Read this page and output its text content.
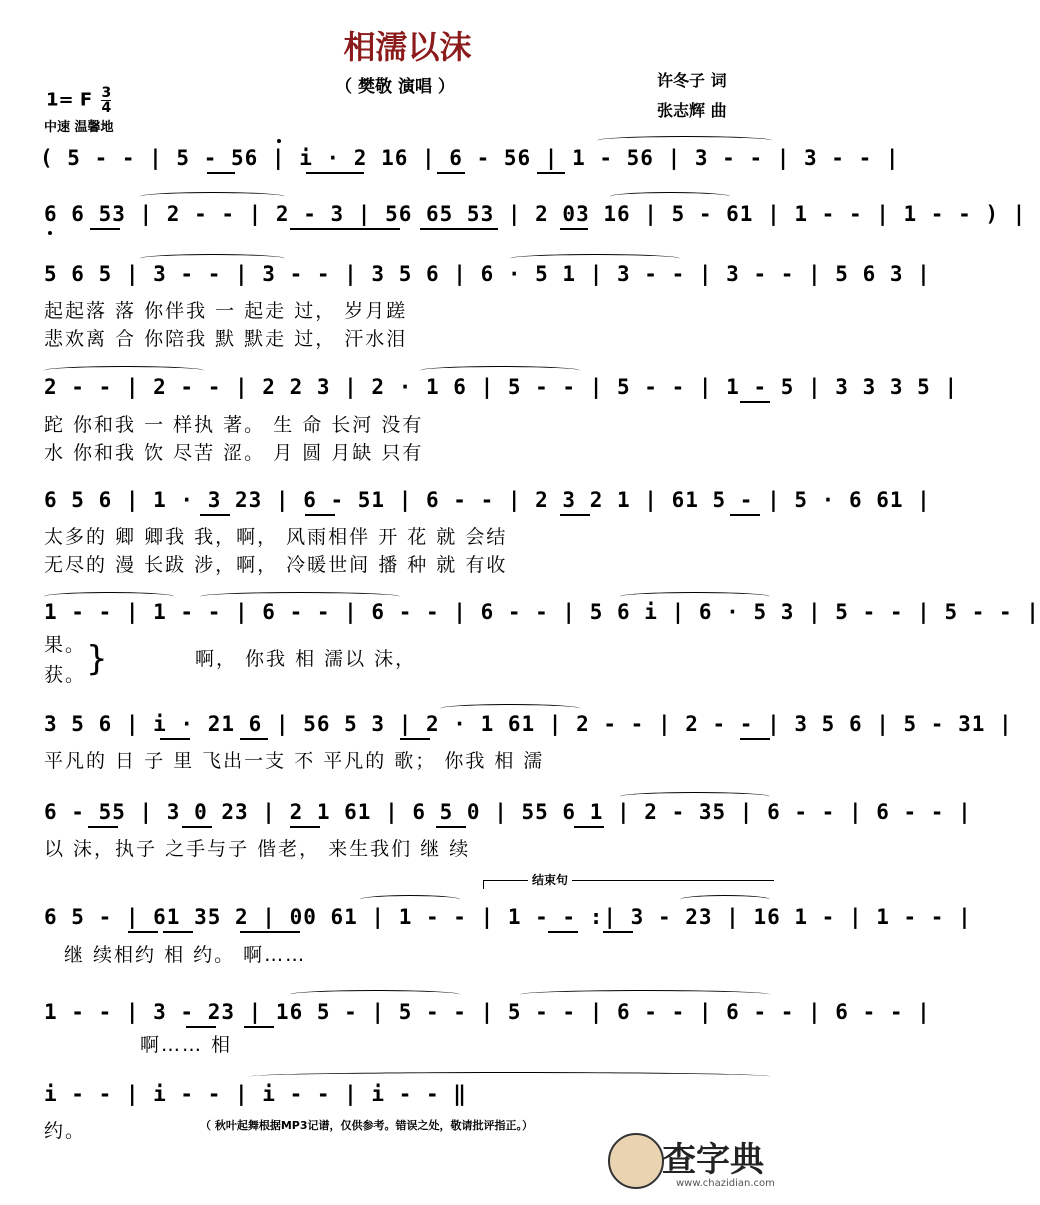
相濡以沫
（ 樊敬 演唱 ）	许冬子 词
张志辉 曲
1= F $\frac{3}{4}$
中速 温馨地
( 5 - - | 5 - 56 | i · 2 16 | 6 - 56 | 1 - 56 | 3 - - | 3 - - |
6 6 53 | 2 - - | 2 - 3 | 56 65 53 | 2 03 16 | 5 - 61 | 1 - - | 1 - - ) |
5 6 5 | 3 - - | 3 - - | 3 5 6 | 6 · 5 1 | 3 - - | 3 - - | 5 6 3 |
起起落 落 你伴我 一 起走 过， 岁月蹉
悲欢离 合 你陪我 默 默走 过， 汗水泪
2 - - | 2 - - | 2 2 3 | 2 · 1 6 | 5 - - | 5 - - | 1 - 5 | 3 3 3 5 |
跎 你和我 一 样执 著。 生 命 长河 没有
水 你和我 饮 尽苦 涩。 月 圆 月缺 只有
6 5 6 | 1 · 3 23 | 6 - 51 | 6 - - | 2 3 2 1 | 61 5 - | 5 · 6 61 |
太多的 卿 卿我 我，啊， 风雨相伴 开 花 就 会结
无尽的 漫 长跋 涉，啊， 冷暖世间 播 种 就 有收
1 - - | 1 - - | 6 - - | 6 - - | 6 - - | 5 6 i | 6 · 5 3 | 5 - - | 5 - - |
果。
获。 }	啊， 你我 相 濡以 沫，
3 5 6 | i · 21 6 | 56 5 3 | 2 · 1 61 | 2 - - | 2 - - | 3 5 6 | 5 - 31 |
平凡的 日 子 里 飞出一支 不 平凡的 歌； 你我 相 濡
6 - 55 | 3 0 23 | 2 1 61 | 6 5 0 | 55 6 1 | 2 - 35 | 6 - - | 6 - - |
以 沫，执子 之手与子 偕老， 来生我们 继 续
结束句
6 5 - | 61 35 2 | 00 61 | 1 - - | 1 - - :| 3 - 23 | 16 1 - | 1 - - |
继 续相约 相 约。 啊……
1 - - | 3 - 23 | 16 5 - | 5 - - | 5 - - | 6 - - | 6 - - | 6 - - |
啊…… 相
i - - | i - - | i - - | i - - ‖
约。	（ 秋叶起舞根据MP3记谱，仅供参考。错误之处，敬请批评指正。）
查字典
www.chazidian.com
